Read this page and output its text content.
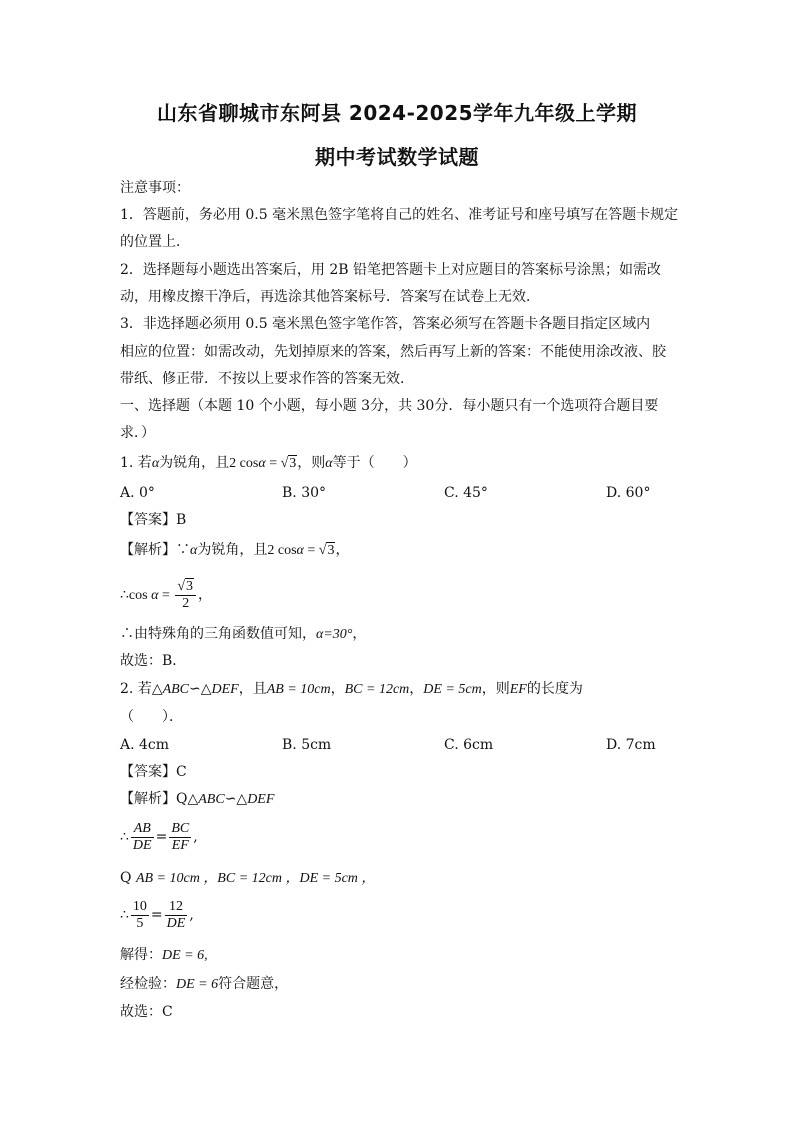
山东省聊城市东阿县 2024-2025学年九年级上学期
期中考试数学试题
注意事项：
1．答题前，务必用 0.5 毫米黑色签字笔将自己的姓名、准考证号和座号填写在答题卡规定
的位置上．
2．选择题每小题选出答案后，用 2B 铅笔把答题卡上对应题目的答案标号涂黑；如需改
动，用橡皮擦干净后，再选涂其他答案标号．答案写在试卷上无效．
3．非选择题必须用 0.5 毫米黑色签字笔作答，答案必须写在答题卡各题目指定区域内
相应的位置：如需改动，先划掉原来的答案，然后再写上新的答案：不能使用涂改液、胶
带纸、修正带．不按以上要求作答的答案无效．
一、选择题（本题 10 个小题，每小题 3分，共 30分．每小题只有一个选项符合题目要
求．）
1. 若α为锐角，且2 cosα = √3，则α等于（　　）
A. 0°	B. 30°	C. 45°	D. 60°
【答案】B
【解析】∵α为锐角，且2 cosα = √3，
∴cos $\alpha = \frac{√3}{2}$ ，
∴由特殊角的三角函数值可知，α=30°，
故选：B．
2. 若△ABC∽△DEF，且AB = 10cm，BC = 12cm，DE = 5cm，则EF的长度为
（　　）．
A. 4cm	B. 5cm	C. 6cm	D. 7cm
【答案】C
【解析】Q△ABC∽△DEF
∴ $\frac{AB}{DE} = \frac{BC}{EF}$ ,
Q AB = 10cm ，BC = 12cm ，DE = 5cm ，
∴ $\frac{10}{5} = \frac{12}{DE}$ ,
解得：DE = 6,
经检验：DE = 6符合题意，
故选：C
